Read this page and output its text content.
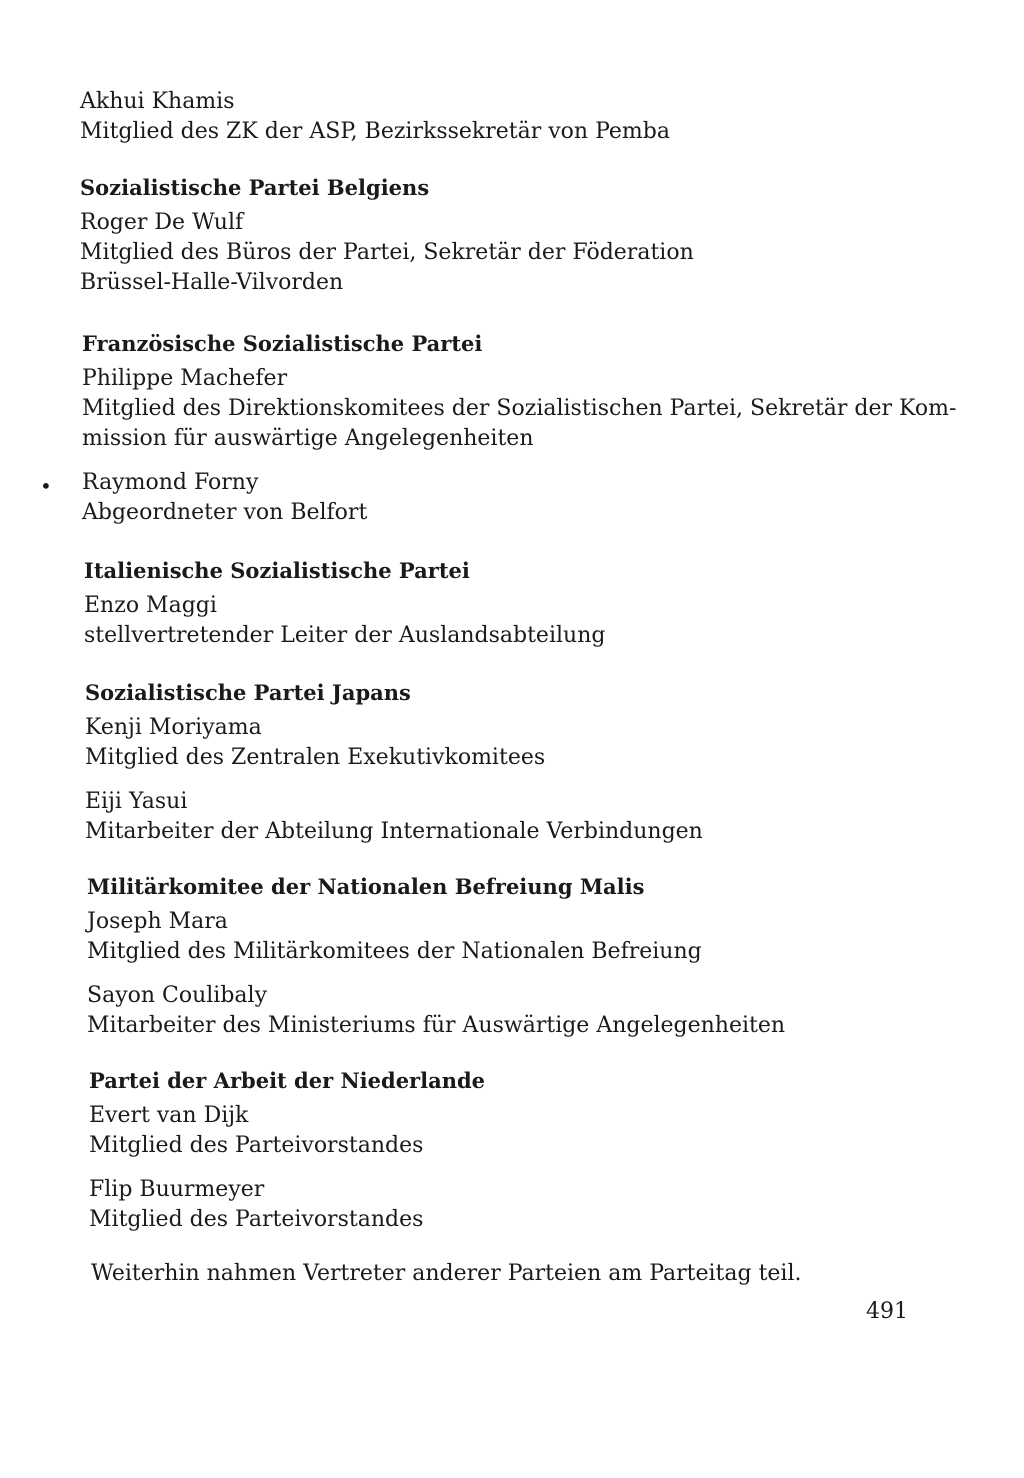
Akhui Khamis
Mitglied des ZK der ASP, Bezirkssekretär von Pemba
Sozialistische Partei Belgiens
Roger De Wulf
Mitglied des Büros der Partei, Sekretär der Föderation
Brüssel-Halle-Vilvorden
Französische Sozialistische Partei
Philippe Machefer
Mitglied des Direktionskomitees der Sozialistischen Partei, Sekretär der Kom-
mission für auswärtige Angelegenheiten
Raymond Forny
Abgeordneter von Belfort
•
Italienische Sozialistische Partei
Enzo Maggi
stellvertretender Leiter der Auslandsabteilung
Sozialistische Partei Japans
Kenji Moriyama
Mitglied des Zentralen Exekutivkomitees
Eiji Yasui
Mitarbeiter der Abteilung Internationale Verbindungen
Militärkomitee der Nationalen Befreiung Malis
Joseph Mara
Mitglied des Militärkomitees der Nationalen Befreiung
Sayon Coulibaly
Mitarbeiter des Ministeriums für Auswärtige Angelegenheiten
Partei der Arbeit der Niederlande
Evert van Dijk
Mitglied des Parteivorstandes
Flip Buurmeyer
Mitglied des Parteivorstandes
Weiterhin nahmen Vertreter anderer Parteien am Parteitag teil.
491
